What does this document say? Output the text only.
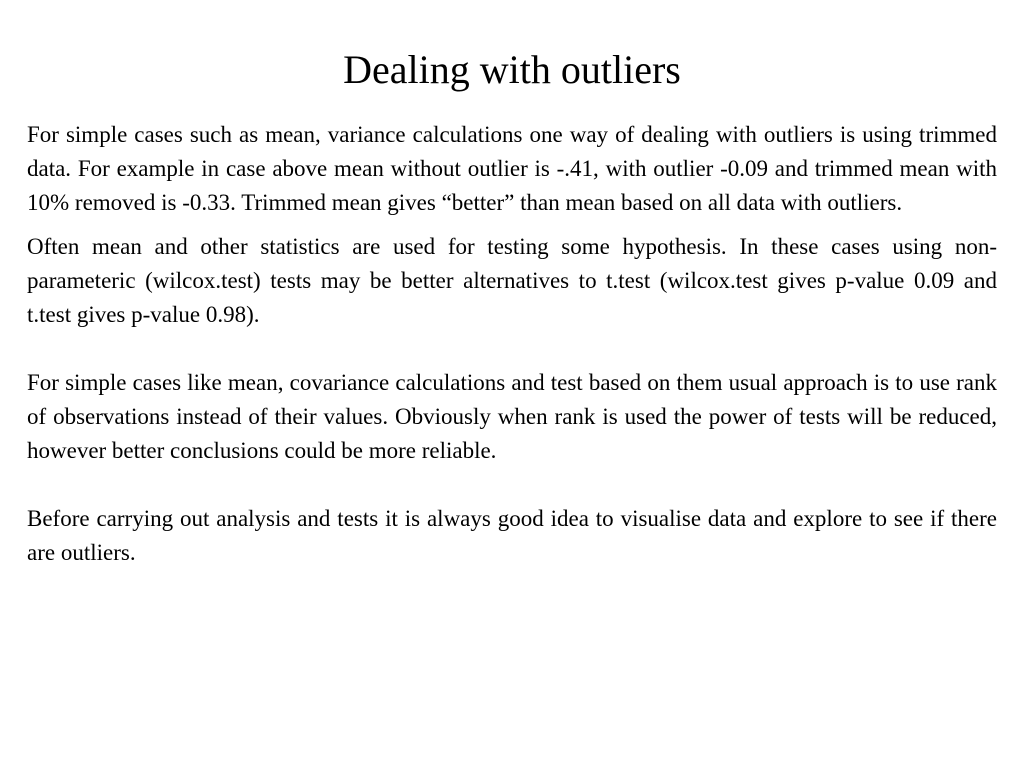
Dealing with outliers

For simple cases such as mean, variance calculations one way of dealing with outliers is using trimmed data. For example in case above mean without outlier is -.41, with outlier -0.09 and trimmed mean with 10% removed is -0.33. Trimmed mean gives “better” than mean based on all data with outliers.

Often mean and other statistics are used for testing some hypothesis. In these cases using non-parameteric (wilcox.test) tests may be better alternatives to t.test (wilcox.test gives p-value 0.09 and t.test gives p-value 0.98).

For simple cases like mean, covariance calculations and test based on them usual approach is to use rank of observations instead of their values. Obviously when rank is used the power of tests will be reduced, however better conclusions could be more reliable.

Before carrying out analysis and tests it is always good idea to visualise data and explore to see if there are outliers.
